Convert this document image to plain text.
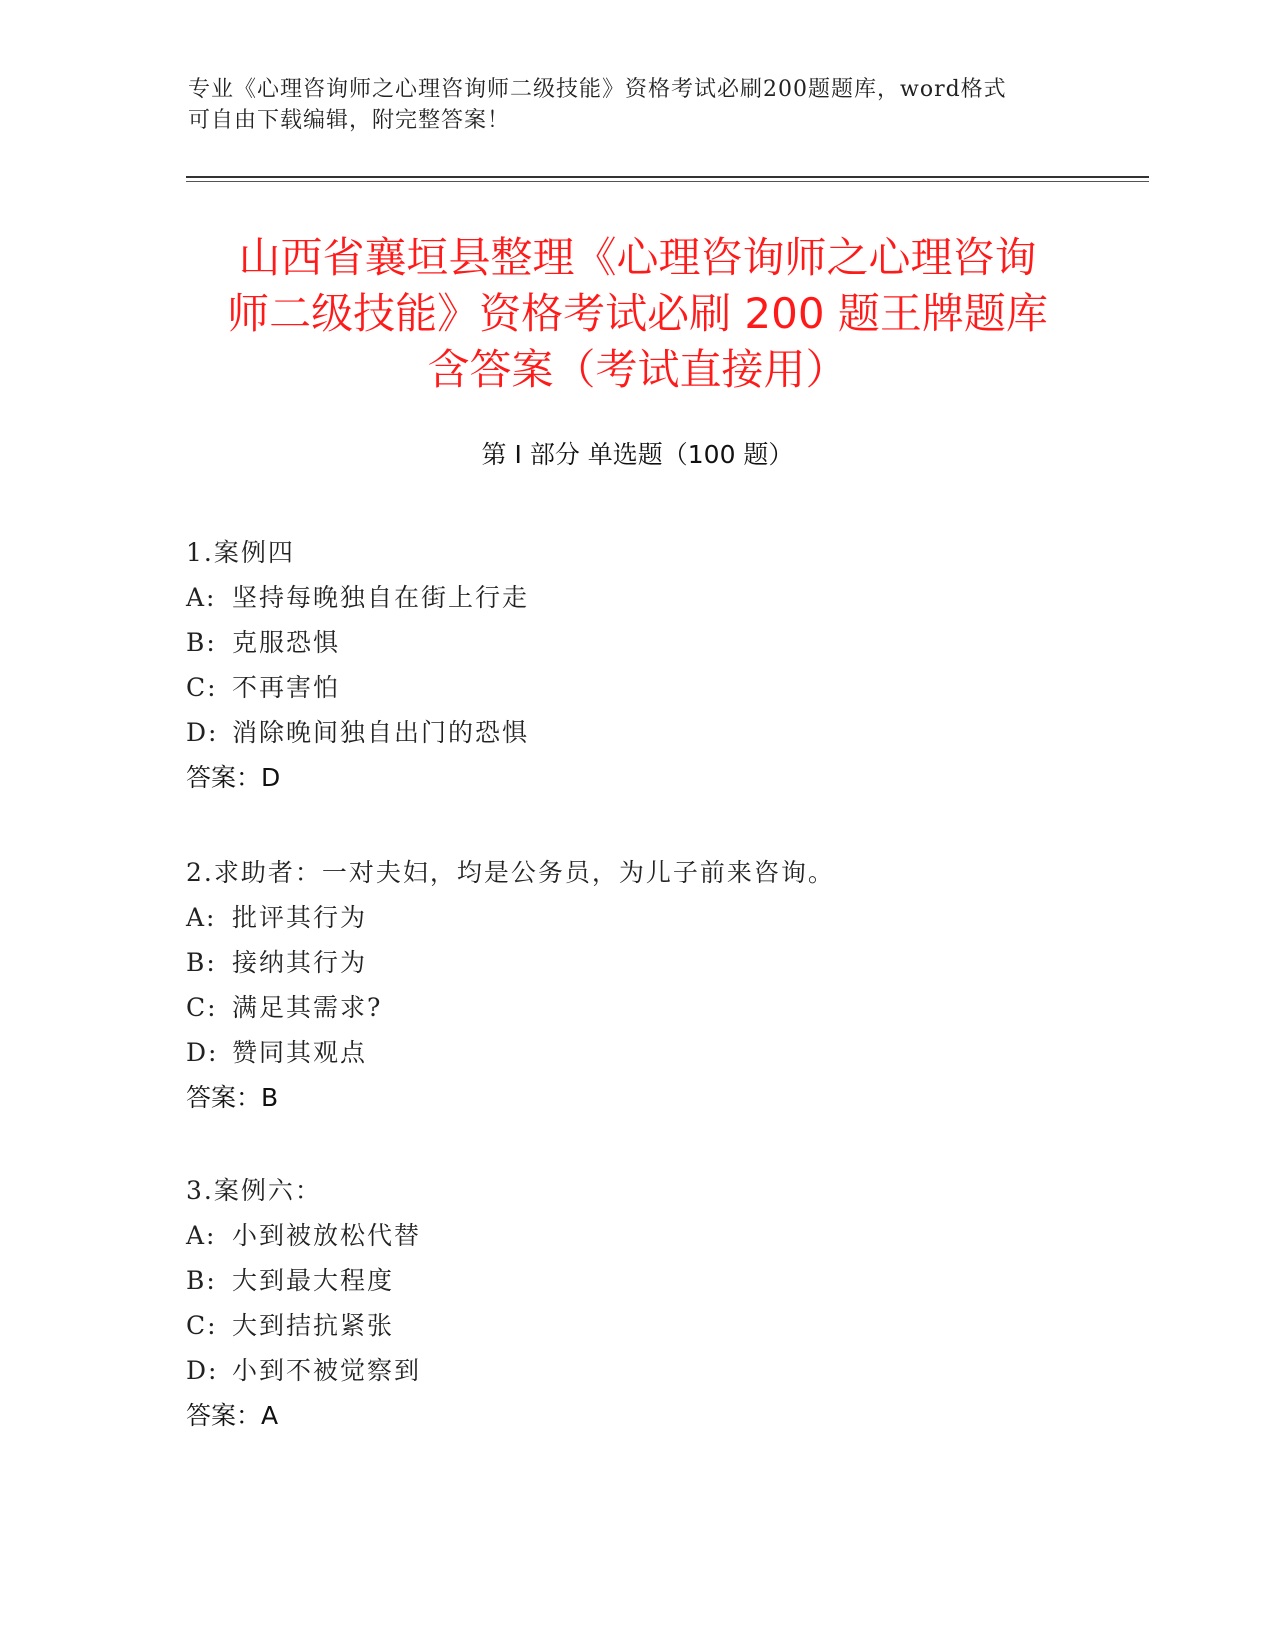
专业《心理咨询师之心理咨询师二级技能》资格考试必刷200题题库，word格式
可自由下载编辑，附完整答案！
山西省襄垣县整理《心理咨询师之心理咨询
师二级技能》资格考试必刷 200 题王牌题库
含答案（考试直接用）
第 I 部分 单选题（100 题）
1.案例四
A: 坚持每晚独自在街上行走
B: 克服恐惧
C: 不再害怕
D: 消除晚间独自出门的恐惧
答案：D
2.求助者：一对夫妇，均是公务员，为儿子前来咨询。
A: 批评其行为
B: 接纳其行为
C: 满足其需求?
D: 赞同其观点
答案：B
3.案例六：
A: 小到被放松代替
B: 大到最大程度
C: 大到拮抗紧张
D: 小到不被觉察到
答案：A
